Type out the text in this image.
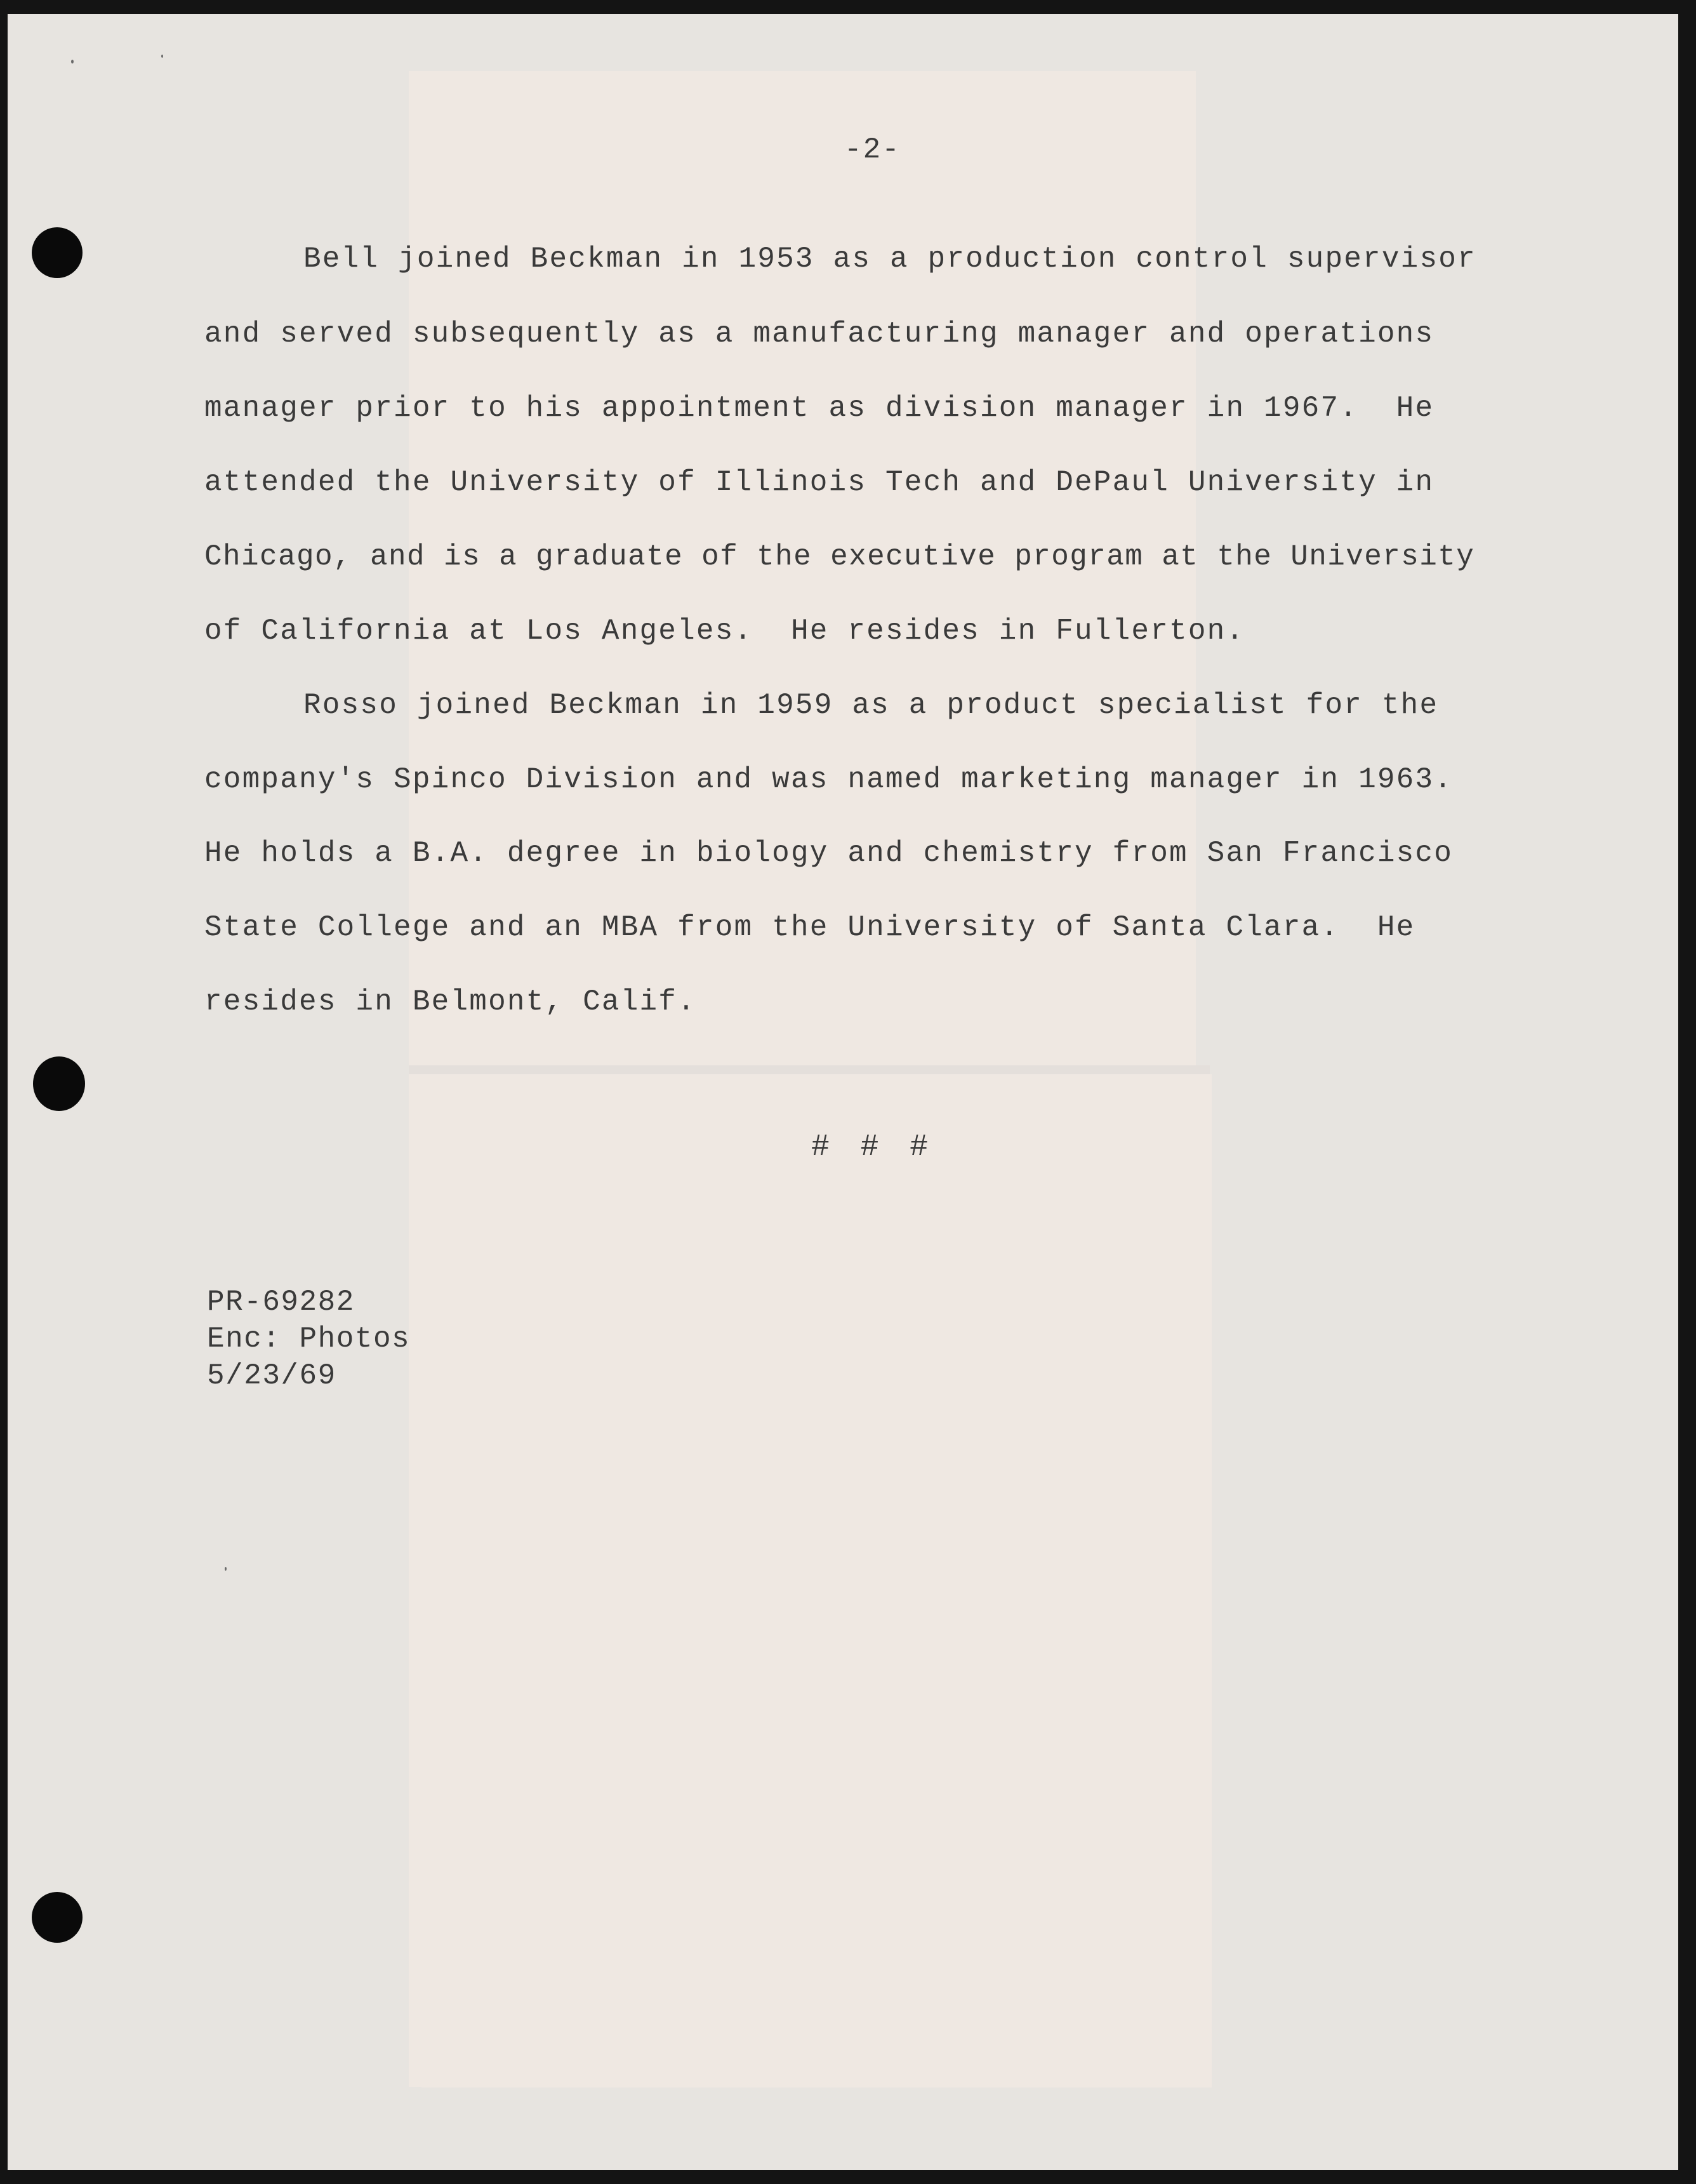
-2-
Bell joined Beckman in 1953 as a production control supervisor
and served subsequently as a manufacturing manager and operations
manager prior to his appointment as division manager in 1967.  He
attended the University of Illinois Tech and DePaul University in
Chicago, and is a graduate of the executive program at the University
of California at Los Angeles.  He resides in Fullerton.
Rosso joined Beckman in 1959 as a product specialist for the
company's Spinco Division and was named marketing manager in 1963.
He holds a B.A. degree in biology and chemistry from San Francisco
State College and an MBA from the University of Santa Clara.  He
resides in Belmont, Calif.
# # #
PR-69282
Enc: Photos
5/23/69
